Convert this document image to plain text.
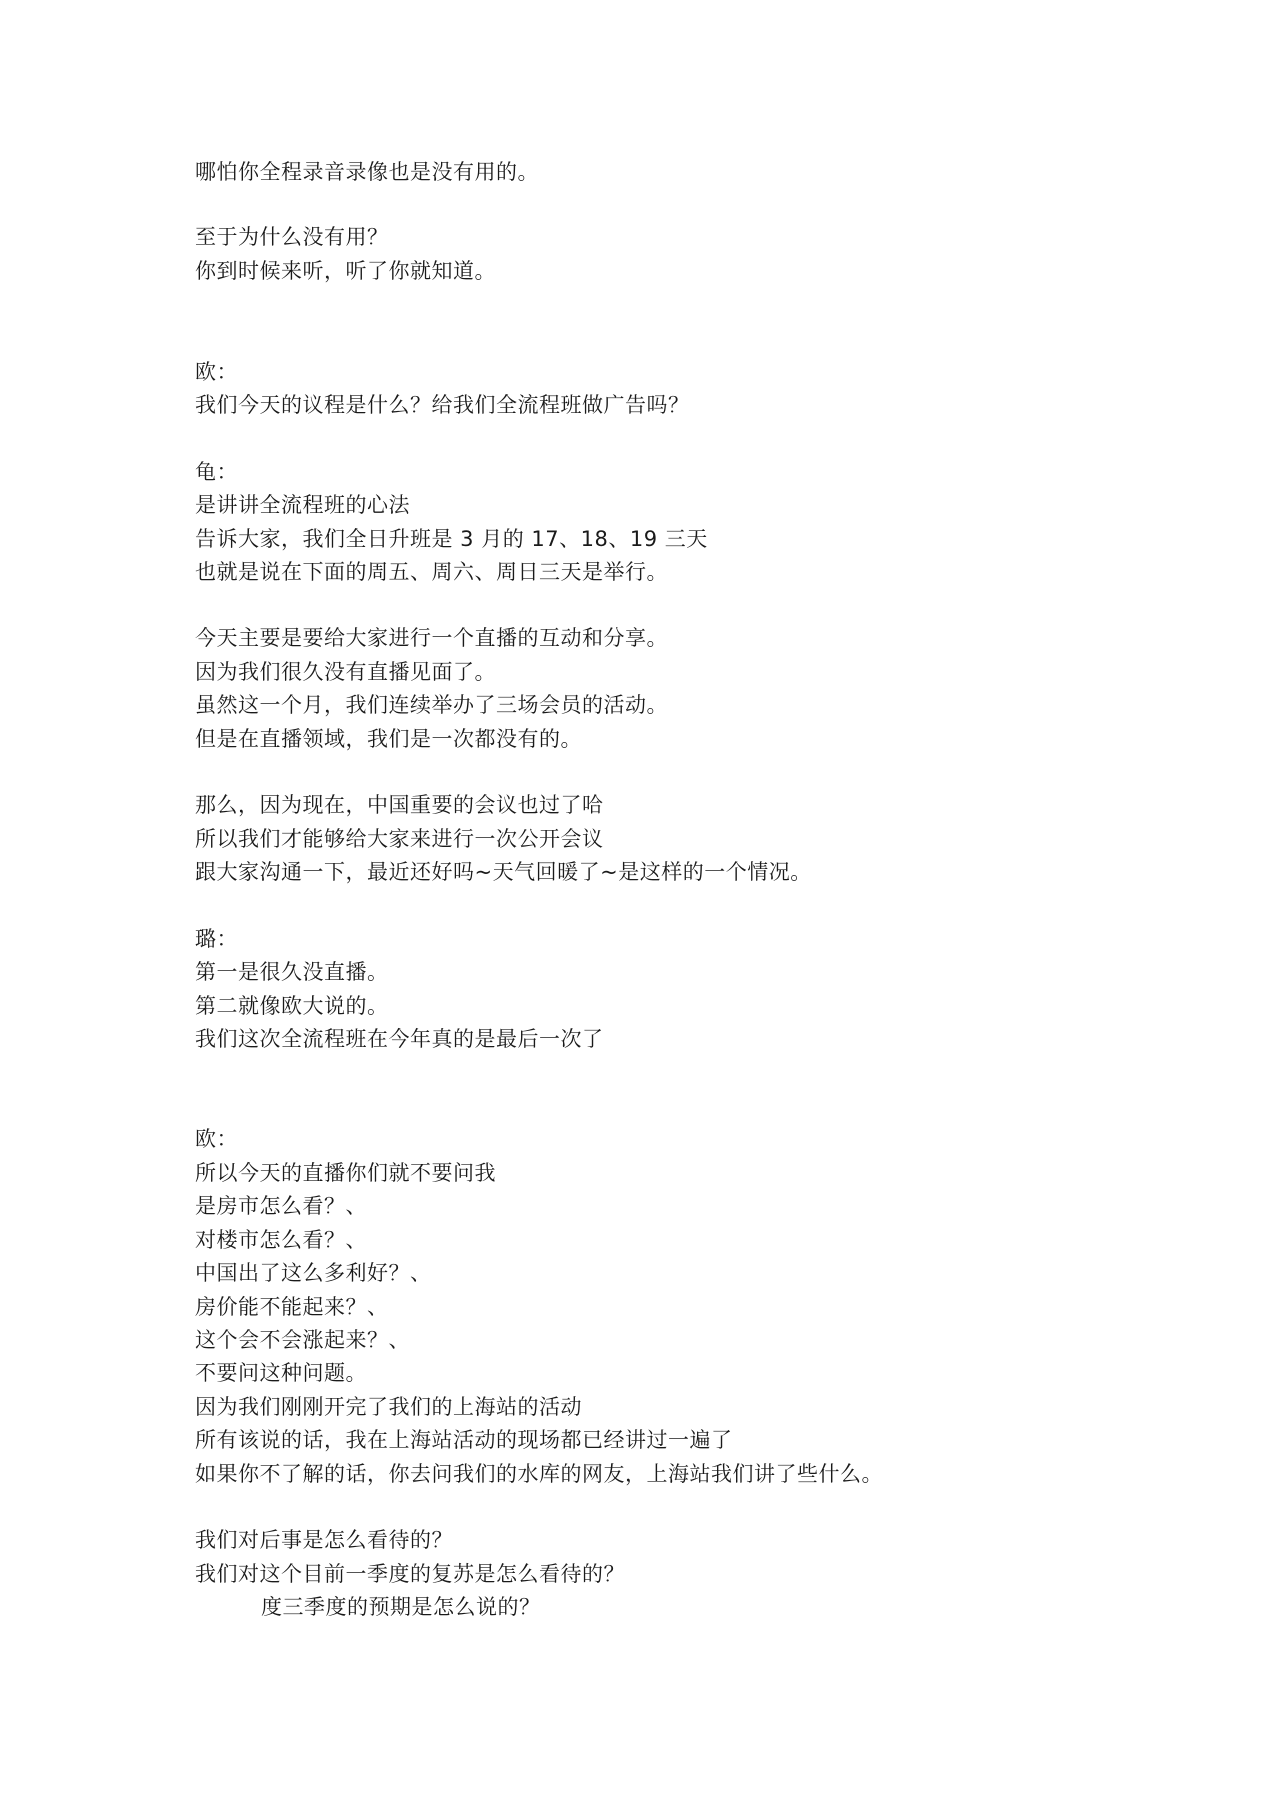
哪怕你全程录音录像也是没有用的。
至于为什么没有用？
你到时候来听，听了你就知道。
欧：
我们今天的议程是什么？给我们全流程班做广告吗？
龟：
是讲讲全流程班的心法
告诉大家，我们全日升班是 3 月的 17、18、19 三天
也就是说在下面的周五、周六、周日三天是举行。
今天主要是要给大家进行一个直播的互动和分享。
因为我们很久没有直播见面了。
虽然这一个月，我们连续举办了三场会员的活动。
但是在直播领域，我们是一次都没有的。
那么，因为现在，中国重要的会议也过了哈
所以我们才能够给大家来进行一次公开会议
跟大家沟通一下，最近还好吗~天气回暖了~是这样的一个情况。
璐：
第一是很久没直播。
第二就像欧大说的。
我们这次全流程班在今年真的是最后一次了
欧：
所以今天的直播你们就不要问我
是房市怎么看？、
对楼市怎么看？、
中国出了这么多利好？、
房价能不能起来？、
这个会不会涨起来？、
不要问这种问题。
因为我们刚刚开完了我们的上海站的活动
所有该说的话，我在上海站活动的现场都已经讲过一遍了
如果你不了解的话，你去问我们的水库的网友，上海站我们讲了些什么。
我们对后事是怎么看待的？
我们对这个目前一季度的复苏是怎么看待的？
度三季度的预期是怎么说的？
